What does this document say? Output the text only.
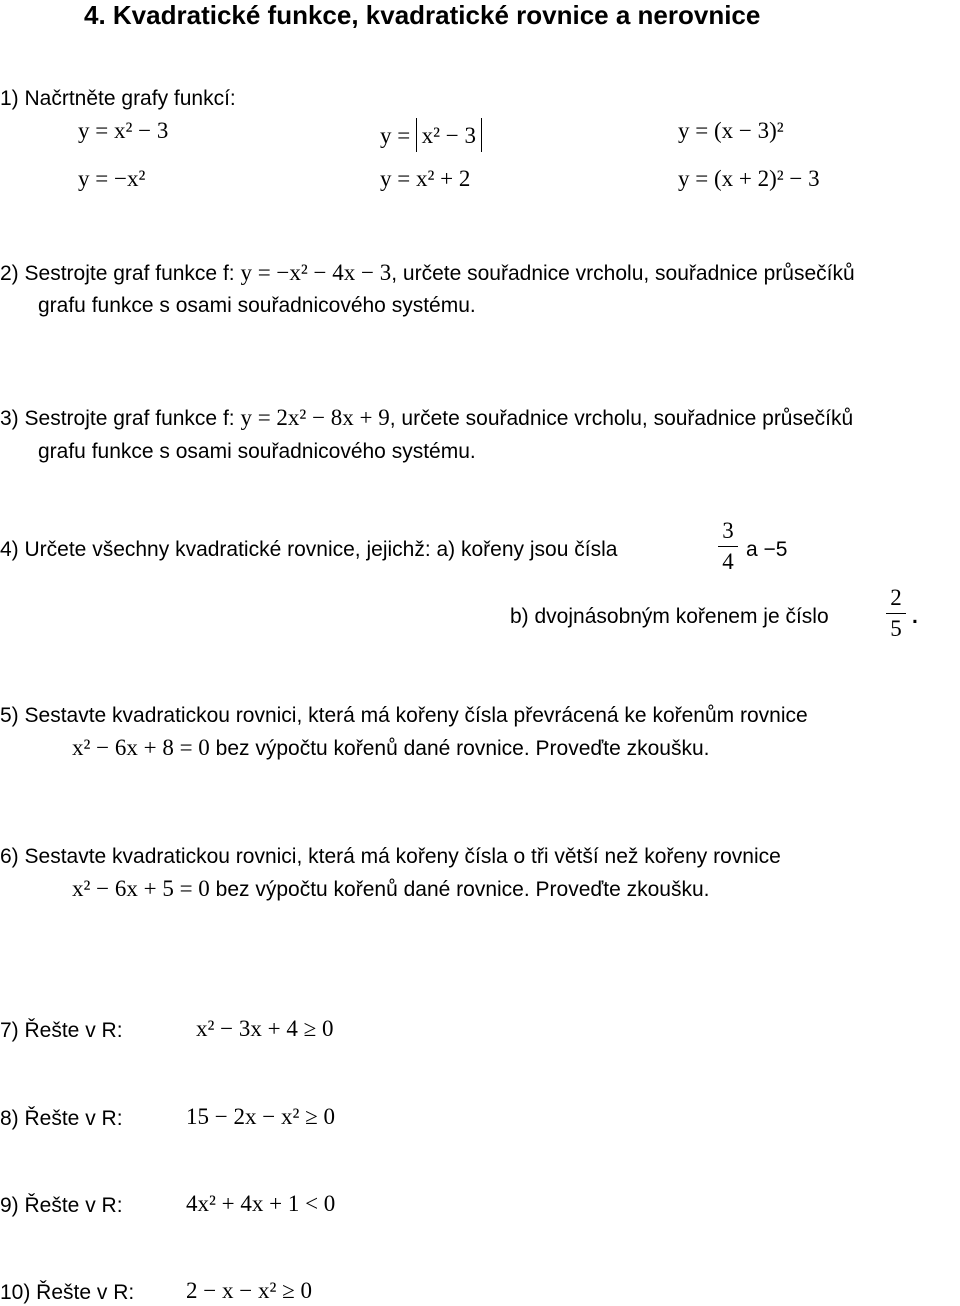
4. Kvadratické funkce, kvadratické rovnice a nerovnice
1) Načrtněte grafy funkcí:
y = x² − 3	y =  x² − 3 	y = (x − 3)²
y = −x²	y = x² + 2	y = (x + 2)² − 3
2) Sestrojte graf funkce f: y = −x² − 4x − 3, určete souřadnice vrcholu, souřadnice průsečíků
grafu funkce s osami souřadnicového systému.
3) Sestrojte graf funkce f: y = 2x² − 8x + 9, určete souřadnice vrcholu, souřadnice průsečíků
grafu funkce s osami souřadnicového systému.
4) Určete všechny kvadratické rovnice, jejichž: a) kořeny jsou čísla
3
4 a −5
b) dvojnásobným kořenem je číslo
2
5 .
5) Sestavte kvadratickou rovnici, která má kořeny čísla převrácená ke kořenům rovnice
x² − 6x + 8 = 0 bez výpočtu kořenů dané rovnice. Proveďte zkoušku.
6) Sestavte kvadratickou rovnici, která má kořeny čísla o tři větší než kořeny rovnice
x² − 6x + 5 = 0 bez výpočtu kořenů dané rovnice. Proveďte zkoušku.
7) Řešte v R:	x² − 3x + 4 ≥ 0
8) Řešte v R:	15 − 2x − x² ≥ 0
9) Řešte v R:	4x² + 4x + 1 < 0
10) Řešte v R: 2 − x − x² ≥ 0
